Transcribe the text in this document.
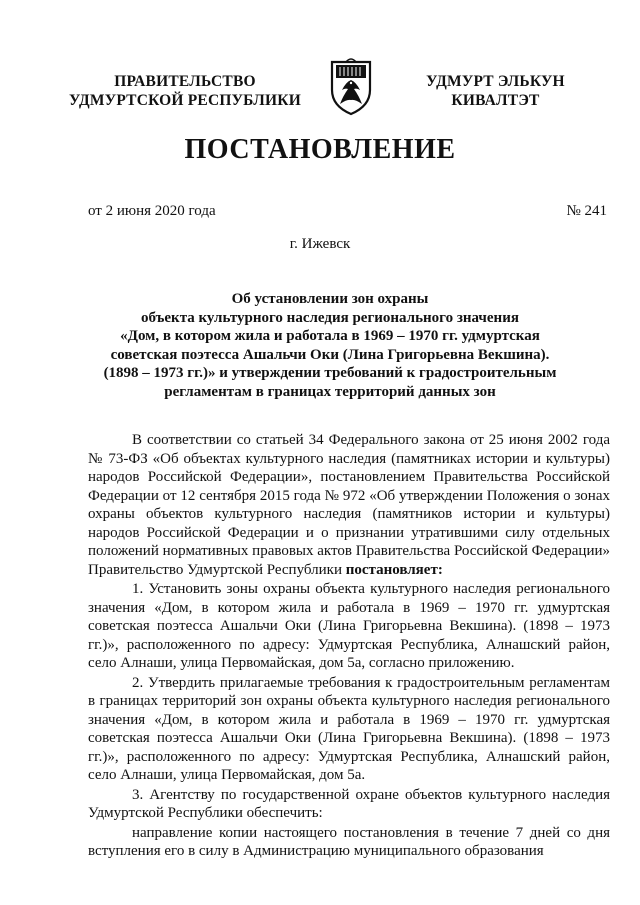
ПРАВИТЕЛЬСТВО
УДМУРТСКОЙ РЕСПУБЛИКИ
УДМУРТ ЭЛЬКУН
КИВАЛТЭТ
ПОСТАНОВЛЕНИЕ
от 2 июня 2020 года	№ 241
г. Ижевск
Об установлении зон охраны
объекта культурного наследия регионального значения
«Дом, в котором жила и работала в 1969 – 1970 гг. удмуртская
советская поэтесса Ашальчи Оки (Лина Григорьевна Векшина).
(1898 – 1973 гг.)» и утверждении требований к градостроительным
регламентам в границах территорий данных зон

В соответствии со статьей 34 Федерального закона от 25 июня 2002 года № 73-ФЗ «Об объектах культурного наследия (памятниках истории и культуры) народов Российской Федерации», постановлением Правительства Российской Федерации от 12 сентября 2015 года № 972 «Об утверждении Положения о зонах охраны объектов культурного наследия (памятников истории и культуры) народов Российской Федерации и о признании утратившими силу отдельных положений нормативных правовых актов Правительства Российской Федерации» Правительство Удмуртской Республики постановляет:

1. Установить зоны охраны объекта культурного наследия регионального значения «Дом, в котором жила и работала в 1969 – 1970 гг. удмуртская советская поэтесса Ашальчи Оки (Лина Григорьевна Векшина). (1898 – 1973 гг.)», расположенного по адресу: Удмуртская Республика, Алнашский район, село Алнаши, улица Первомайская, дом 5а, согласно приложению.

2. Утвердить прилагаемые требования к градостроительным регламентам в границах территорий зон охраны объекта культурного наследия регионального значения «Дом, в котором жила и работала в 1969 – 1970 гг. удмуртская советская поэтесса Ашальчи Оки (Лина Григорьевна Векшина). (1898 – 1973 гг.)», расположенного по адресу: Удмуртская Республика, Алнашский район, село Алнаши, улица Первомайская, дом 5а.

3. Агентству по государственной охране объектов культурного наследия Удмуртской Республики обеспечить:

направление копии настоящего постановления в течение 7 дней со дня вступления его в силу в Администрацию муниципального образования
